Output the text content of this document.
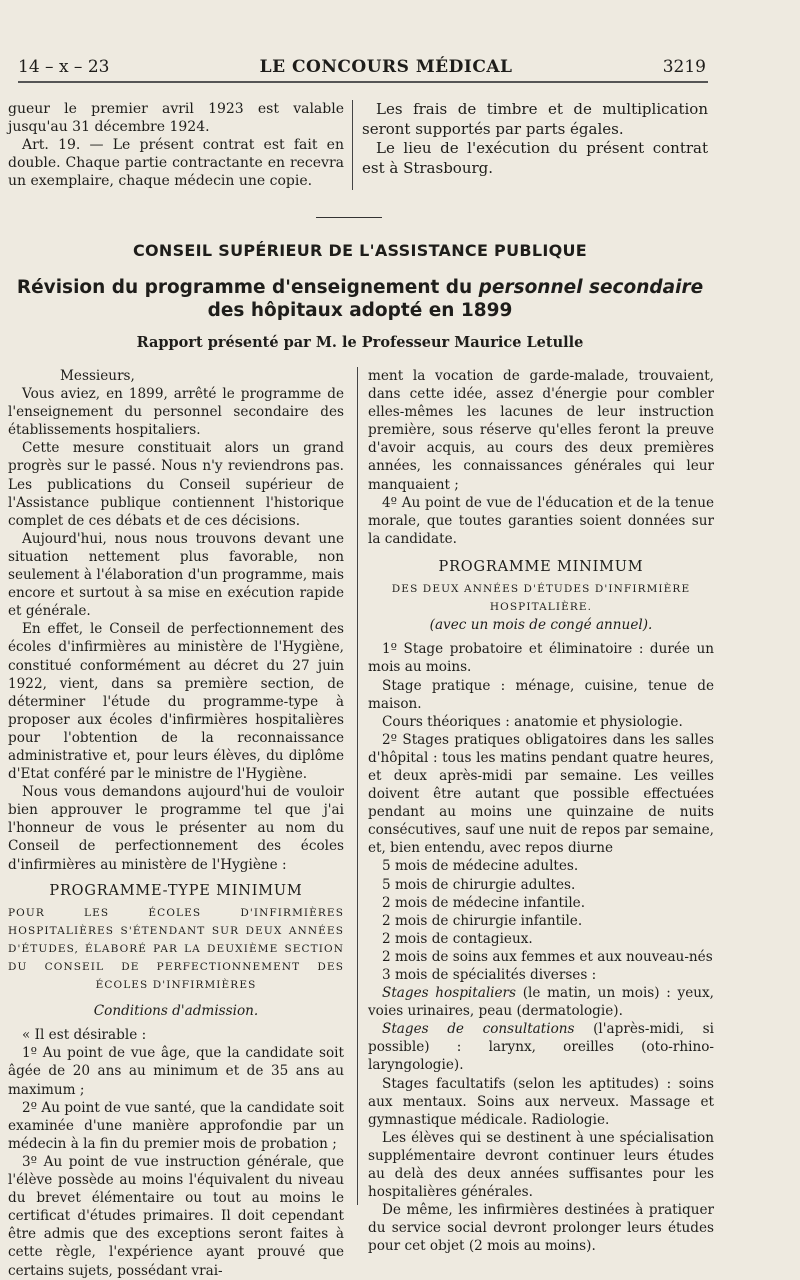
14 – x – 23	LE CONCOURS MÉDICAL	3219

gueur le premier avril 1923 est valable jusqu'au 31 décembre 1924.

Art. 19. — Le présent contrat est fait en double. Chaque partie contractante en recevra un exemplaire, chaque médecin une copie.

Les frais de timbre et de multiplication seront supportés par parts égales.

Le lieu de l'exécution du présent contrat est à Strasbourg.

CONSEIL SUPÉRIEUR DE L'ASSISTANCE PUBLIQUE
Révision du programme d'enseignement du personnel secondaire
des hôpitaux adopté en 1899
Rapport présenté par M. le Professeur Maurice Letulle

Messieurs,

Vous aviez, en 1899, arrêté le programme de l'enseignement du personnel secondaire des établissements hospitaliers.

Cette mesure constituait alors un grand progrès sur le passé. Nous n'y reviendrons pas. Les publications du Conseil supérieur de l'Assistance publique contiennent l'historique complet de ces débats et de ces décisions.

Aujourd'hui, nous nous trouvons devant une situation nettement plus favorable, non seulement à l'élaboration d'un programme, mais encore et surtout à sa mise en exécution rapide et générale.

En effet, le Conseil de perfectionnement des écoles d'infirmières au ministère de l'Hygiène, constitué conformément au décret du 27 juin 1922, vient, dans sa première section, de déterminer l'étude du programme-type à proposer aux écoles d'infirmières hospitalières pour l'obtention de la reconnaissance administrative et, pour leurs élèves, du diplôme d'Etat conféré par le ministre de l'Hygiène.

Nous vous demandons aujourd'hui de vouloir bien approuver le programme tel que j'ai l'honneur de vous le présenter au nom du Conseil de perfectionnement des écoles d'infirmières au ministère de l'Hygiène :

PROGRAMME-TYPE MINIMUM
POUR LES ÉCOLES D'INFIRMIÈRES HOSPITALIÈRES S'ÉTENDANT SUR DEUX ANNÉES D'ÉTUDES, ÉLABORÉ PAR LA DEUXIÈME SECTION DU CONSEIL DE PERFECTIONNEMENT DES ÉCOLES D'INFIRMIÈRES
Conditions d'admission.

« Il est désirable :

1º Au point de vue âge, que la candidate soit âgée de 20 ans au minimum et de 35 ans au maximum ;

2º Au point de vue santé, que la candidate soit examinée d'une manière approfondie par un médecin à la fin du premier mois de probation ;

3º Au point de vue instruction générale, que l'élève possède au moins l'équivalent du niveau du brevet élémentaire ou tout au moins le certificat d'études primaires. Il doit cependant être admis que des exceptions seront faites à cette règle, l'expérience ayant prouvé que certains sujets, possédant vrai-

ment la vocation de garde-malade, trouvaient, dans cette idée, assez d'énergie pour combler elles-mêmes les lacunes de leur instruction première, sous réserve qu'elles feront la preuve d'avoir acquis, au cours des deux premières années, les connaissances générales qui leur manquaient ;

4º Au point de vue de l'éducation et de la tenue morale, que toutes garanties soient données sur la candidate.

PROGRAMME MINIMUM
DES DEUX ANNÉES D'ÉTUDES D'INFIRMIÈRE HOSPITALIÈRE.
(avec un mois de congé annuel).

1º Stage probatoire et éliminatoire : durée un mois au moins.

Stage pratique : ménage, cuisine, tenue de maison.

Cours théoriques : anatomie et physiologie.

2º Stages pratiques obligatoires dans les salles d'hôpital : tous les matins pendant quatre heures, et deux après-midi par semaine. Les veilles doivent être autant que possible effectuées pendant au moins une quinzaine de nuits consécutives, sauf une nuit de repos par semaine, et, bien entendu, avec repos diurne

5 mois de médecine adultes.

5 mois de chirurgie adultes.

2 mois de médecine infantile.

2 mois de chirurgie infantile.

2 mois de contagieux.

2 mois de soins aux femmes et aux nouveau-nés

3 mois de spécialités diverses :

Stages hospitaliers (le matin, un mois) : yeux, voies urinaires, peau (dermatologie).

Stages de consultations (l'après-midi, si possible) : larynx, oreilles (oto-rhino-laryngologie).

Stages facultatifs (selon les aptitudes) : soins aux mentaux. Soins aux nerveux. Massage et gymnastique médicale. Radiologie.

Les élèves qui se destinent à une spécialisation supplémentaire devront continuer leurs études au delà des deux années suffisantes pour les hospitalières générales.

De même, les infirmières destinées à pratiquer du service social devront prolonger leurs études pour cet objet (2 mois au moins).
